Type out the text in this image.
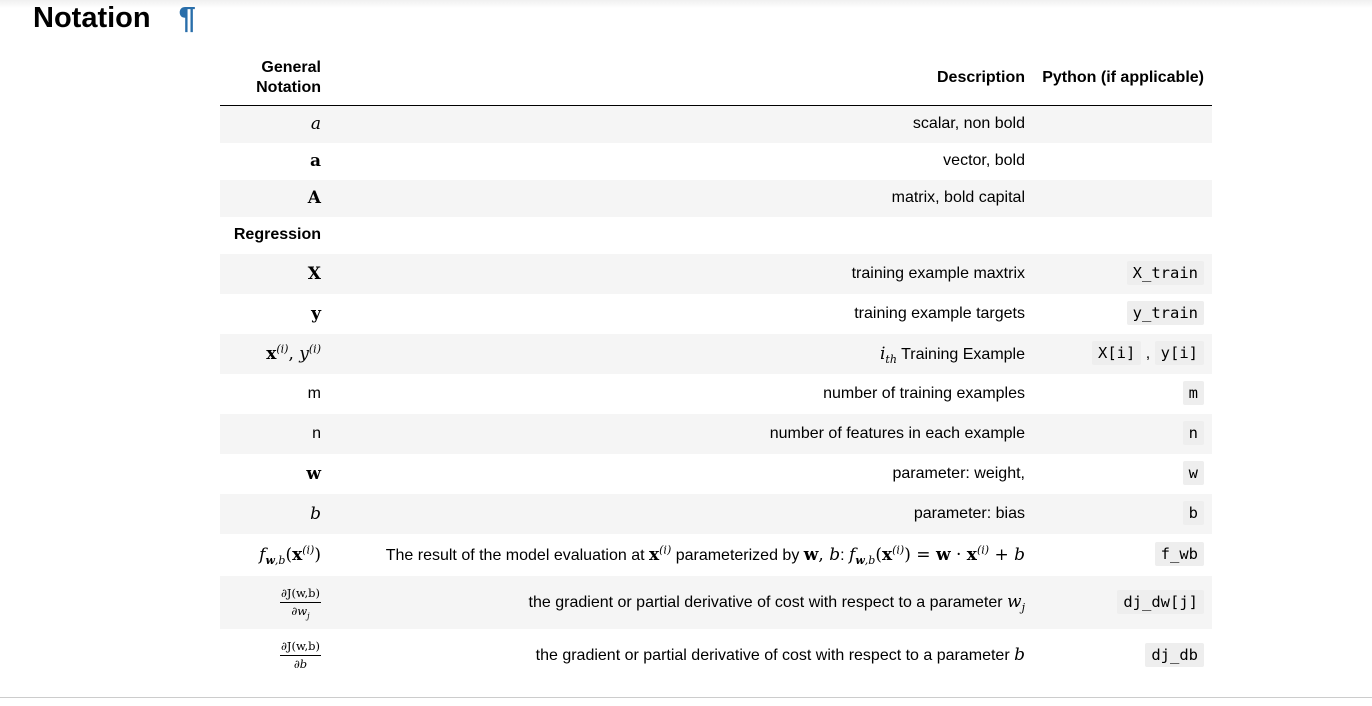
Notation ¶
General
Notation	Description	Python (if applicable)
a	scalar, non bold	
a	vector, bold	
A	matrix, bold capital	
Regression		
X	training example maxtrix	X_train
y	training example targets	y_train
$x^{(i)}$, $y^{(i)}$	$i_{th}$ Training Example	X[i] , y[i]
m	number of training examples	m
n	number of features in each example	n
w	parameter: weight,	w
b	parameter: bias	b
$f_{w,b}(x^{(i)})$	The result of the model evaluation at $x^{(i)}$ parameterized by w, b: $f_{w,b}(x^{(i)}) = w \cdot x^{(i)} + b$	f_wb

$\frac{\partial J(w,b)}{\partial w_j}$	the gradient or partial derivative of cost with respect to a parameter $w_j$	dj_dw[j]

$\frac{\partial J(w,b)}{\partial b}$	the gradient or partial derivative of cost with respect to a parameter b	dj_db
